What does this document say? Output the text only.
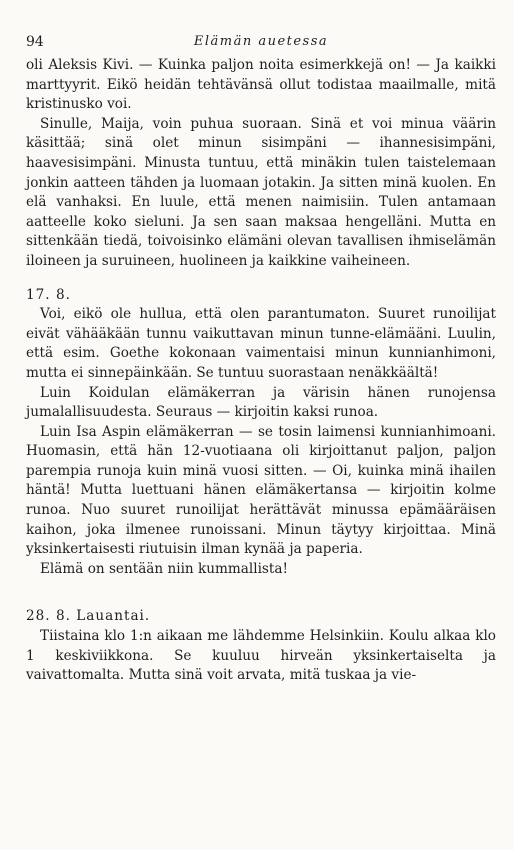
94	Elämän auetessa

oli Aleksis Kivi. — Kuinka paljon noita esimerkkejä on! — Ja kaikki marttyyrit. Eikö heidän tehtävänsä ollut todistaa maailmalle, mitä kristinusko voi.

Sinulle, Maija, voin puhua suoraan. Sinä et voi minua väärin käsittää; sinä olet minun sisimpäni — ihannesisimpäni, haavesisimpäni. Minusta tuntuu, että minäkin tulen taistelemaan jonkin aatteen tähden ja luomaan jotakin. Ja sitten minä kuolen. En elä vanhaksi. En luule, että menen naimisiin. Tulen antamaan aatteelle koko sieluni. Ja sen saan maksaa hengelläni. Mutta en sittenkään tiedä, toivoisinko elämäni olevan tavallisen ihmiselämän iloineen ja suruineen, huolineen ja kaikkine vaiheineen.

17. 8.

Voi, eikö ole hullua, että olen parantumaton. Suuret runoilijat eivät vähääkään tunnu vaikuttavan minun tunne-elämääni. Luulin, että esim. Goethe kokonaan vaimentaisi minun kunnianhimoni, mutta ei sinnepäinkään. Se tuntuu suorastaan nenäkkäältä!

Luin Koidulan elämäkerran ja värisin hänen runojensa jumalallisuudesta. Seuraus — kirjoitin kaksi runoa.

Luin Isa Aspin elämäkerran — se tosin laimensi kunnianhimoani. Huomasin, että hän 12-vuotiaana oli kirjoittanut paljon, paljon parempia runoja kuin minä vuosi sitten. — Oi, kuinka minä ihailen häntä! Mutta luettuani hänen elämäkertansa — kirjoitin kolme runoa. Nuo suuret runoilijat herättävät minussa epämääräisen kaihon, joka ilmenee runoissani. Minun täytyy kirjoittaa. Minä yksinkertaisesti riutuisin ilman kynää ja paperia.

Elämä on sentään niin kummallista!

28. 8. Lauantai.

Tiistaina klo 1:n aikaan me lähdemme Helsinkiin. Koulu alkaa klo 1 keskiviikkona. Se kuuluu hirveän yksinkertaiselta ja vaivattomalta. Mutta sinä voit arvata, mitä tuskaa ja vie-
